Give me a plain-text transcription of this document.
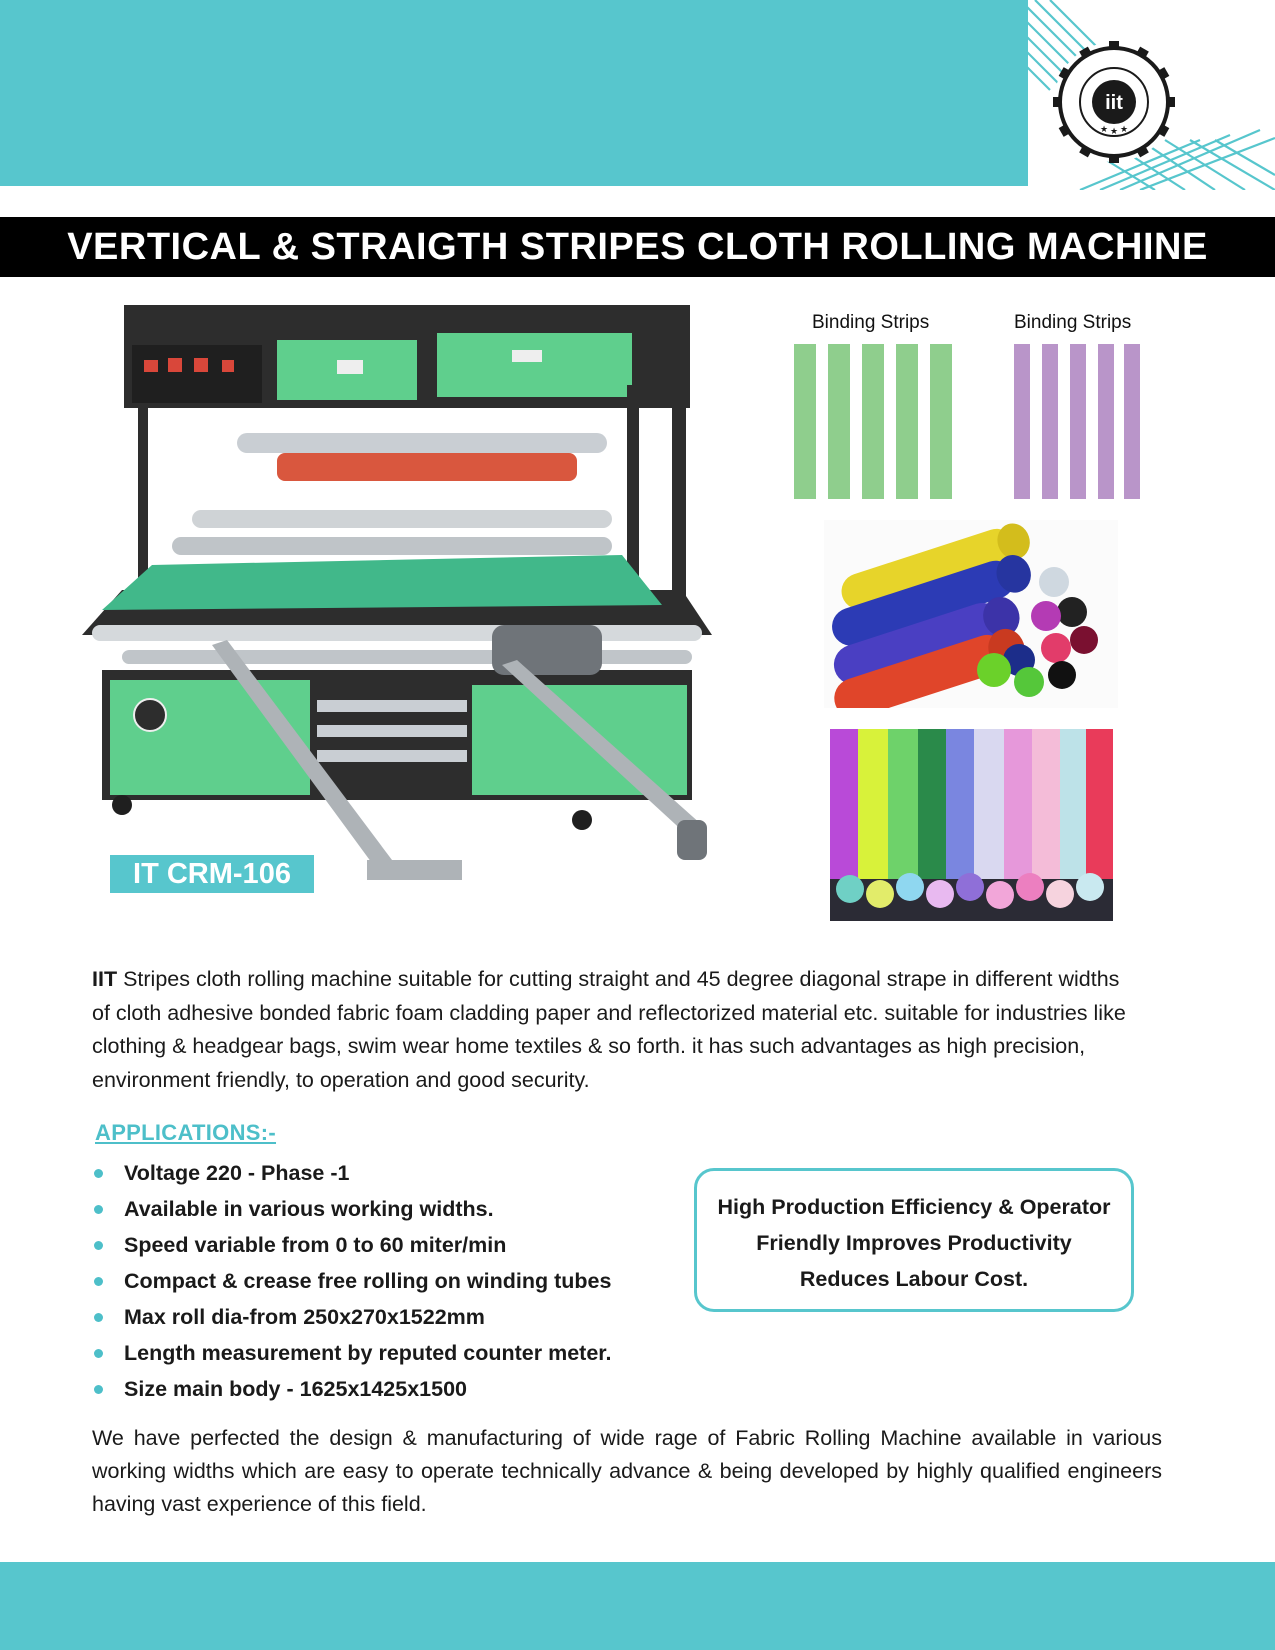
iit
★ ★ ★
VERTICAL & STRAIGTH STRIPES CLOTH ROLLING MACHINE
IT CRM-106
Binding Strips	Binding Strips
IIT Stripes cloth rolling machine suitable for cutting straight and 45 degree diagonal strape in different widths of cloth adhesive bonded fabric foam cladding paper and reflectorized material etc. suitable for industries like clothing & headgear bags, swim wear home textiles & so forth. it has such advantages as high precision, environment friendly, to operation and good security.
APPLICATIONS:-
Voltage 220 - Phase -1
Available in various working widths.
Speed variable from 0 to 60 miter/min
Compact & crease free rolling on winding tubes
Max roll dia-from 250x270x1522mm
Length measurement by reputed counter meter.
Size main body - 1625x1425x1500
High Production Efficiency & Operator
Friendly Improves Productivity
Reduces Labour Cost.
We have perfected the design & manufacturing of wide rage of Fabric Rolling Machine available in various working widths which are easy to operate technically advance & being developed by highly qualified engineers having vast experience of this field.
